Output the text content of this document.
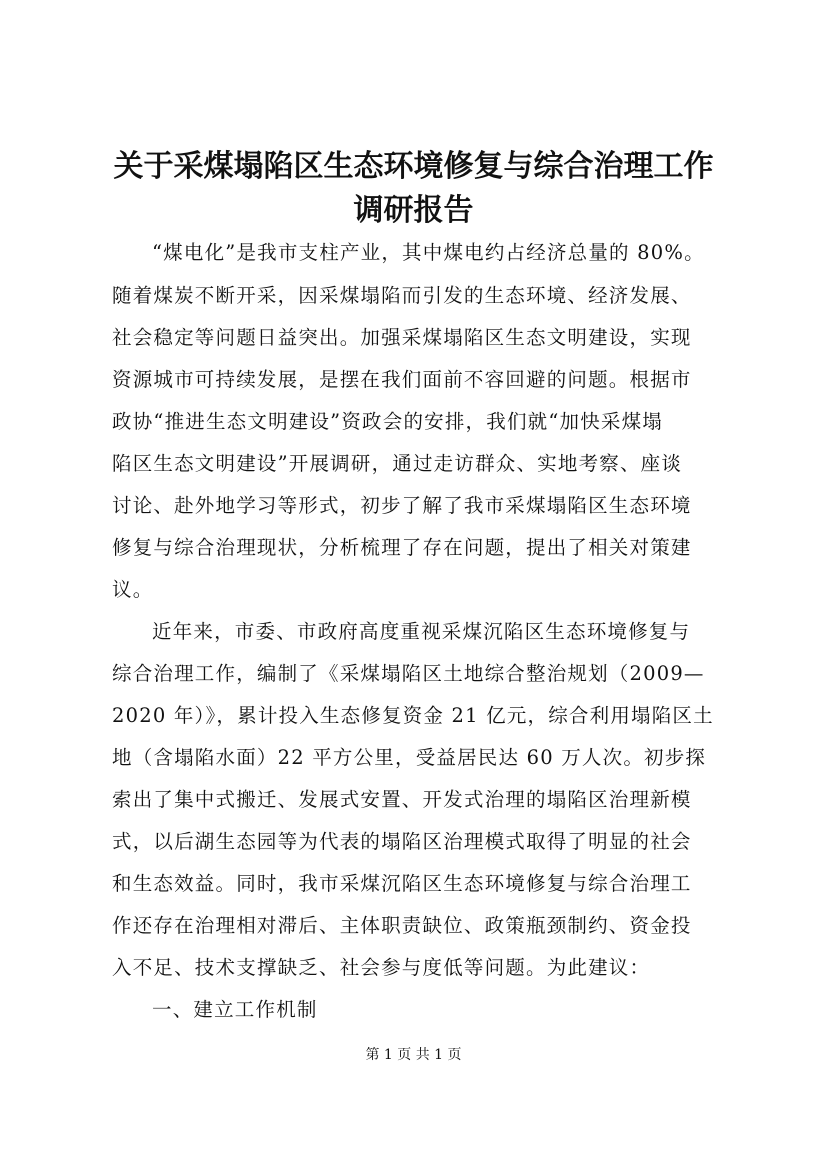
关于采煤塌陷区生态环境修复与综合治理工作
调研报告

“煤电化”是我市支柱产业，其中煤电约占经济总量的 80%。

随着煤炭不断开采，因采煤塌陷而引发的生态环境、经济发展、

社会稳定等问题日益突出。加强采煤塌陷区生态文明建设，实现

资源城市可持续发展，是摆在我们面前不容回避的问题。根据市

政协“推进生态文明建设”资政会的安排，我们就“加快采煤塌

陷区生态文明建设”开展调研，通过走访群众、实地考察、座谈

讨论、赴外地学习等形式，初步了解了我市采煤塌陷区生态环境

修复与综合治理现状，分析梳理了存在问题，提出了相关对策建

议。

近年来，市委、市政府高度重视采煤沉陷区生态环境修复与

综合治理工作，编制了《采煤塌陷区土地综合整治规划（2009—

2020 年）》，累计投入生态修复资金 21 亿元，综合利用塌陷区土

地（含塌陷水面）22 平方公里，受益居民达 60 万人次。初步探

索出了集中式搬迁、发展式安置、开发式治理的塌陷区治理新模

式，以后湖生态园等为代表的塌陷区治理模式取得了明显的社会

和生态效益。同时，我市采煤沉陷区生态环境修复与综合治理工

作还存在治理相对滞后、主体职责缺位、政策瓶颈制约、资金投

入不足、技术支撑缺乏、社会参与度低等问题。为此建议：

一、建立工作机制

第 1 页 共 1 页
